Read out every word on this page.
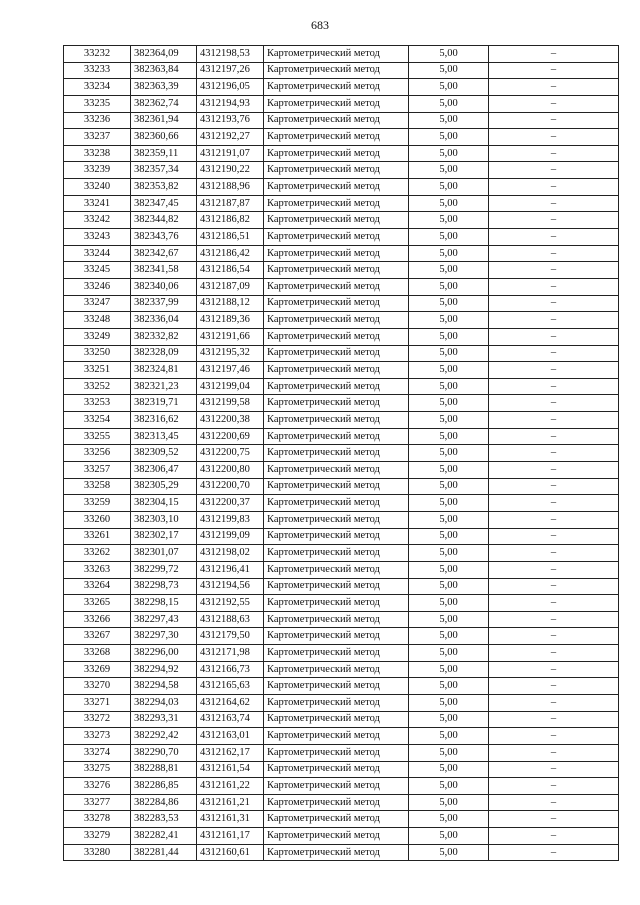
683
33232	382364,09	4312198,53	Картометрический метод	5,00	–
33233	382363,84	4312197,26	Картометрический метод	5,00	–
33234	382363,39	4312196,05	Картометрический метод	5,00	–
33235	382362,74	4312194,93	Картометрический метод	5,00	–
33236	382361,94	4312193,76	Картометрический метод	5,00	–
33237	382360,66	4312192,27	Картометрический метод	5,00	–
33238	382359,11	4312191,07	Картометрический метод	5,00	–
33239	382357,34	4312190,22	Картометрический метод	5,00	–
33240	382353,82	4312188,96	Картометрический метод	5,00	–
33241	382347,45	4312187,87	Картометрический метод	5,00	–
33242	382344,82	4312186,82	Картометрический метод	5,00	–
33243	382343,76	4312186,51	Картометрический метод	5,00	–
33244	382342,67	4312186,42	Картометрический метод	5,00	–
33245	382341,58	4312186,54	Картометрический метод	5,00	–
33246	382340,06	4312187,09	Картометрический метод	5,00	–
33247	382337,99	4312188,12	Картометрический метод	5,00	–
33248	382336,04	4312189,36	Картометрический метод	5,00	–
33249	382332,82	4312191,66	Картометрический метод	5,00	–
33250	382328,09	4312195,32	Картометрический метод	5,00	–
33251	382324,81	4312197,46	Картометрический метод	5,00	–
33252	382321,23	4312199,04	Картометрический метод	5,00	–
33253	382319,71	4312199,58	Картометрический метод	5,00	–
33254	382316,62	4312200,38	Картометрический метод	5,00	–
33255	382313,45	4312200,69	Картометрический метод	5,00	–
33256	382309,52	4312200,75	Картометрический метод	5,00	–
33257	382306,47	4312200,80	Картометрический метод	5,00	–
33258	382305,29	4312200,70	Картометрический метод	5,00	–
33259	382304,15	4312200,37	Картометрический метод	5,00	–
33260	382303,10	4312199,83	Картометрический метод	5,00	–
33261	382302,17	4312199,09	Картометрический метод	5,00	–
33262	382301,07	4312198,02	Картометрический метод	5,00	–
33263	382299,72	4312196,41	Картометрический метод	5,00	–
33264	382298,73	4312194,56	Картометрический метод	5,00	–
33265	382298,15	4312192,55	Картометрический метод	5,00	–
33266	382297,43	4312188,63	Картометрический метод	5,00	–
33267	382297,30	4312179,50	Картометрический метод	5,00	–
33268	382296,00	4312171,98	Картометрический метод	5,00	–
33269	382294,92	4312166,73	Картометрический метод	5,00	–
33270	382294,58	4312165,63	Картометрический метод	5,00	–
33271	382294,03	4312164,62	Картометрический метод	5,00	–
33272	382293,31	4312163,74	Картометрический метод	5,00	–
33273	382292,42	4312163,01	Картометрический метод	5,00	–
33274	382290,70	4312162,17	Картометрический метод	5,00	–
33275	382288,81	4312161,54	Картометрический метод	5,00	–
33276	382286,85	4312161,22	Картометрический метод	5,00	–
33277	382284,86	4312161,21	Картометрический метод	5,00	–
33278	382283,53	4312161,31	Картометрический метод	5,00	–
33279	382282,41	4312161,17	Картометрический метод	5,00	–
33280	382281,44	4312160,61	Картометрический метод	5,00	–
